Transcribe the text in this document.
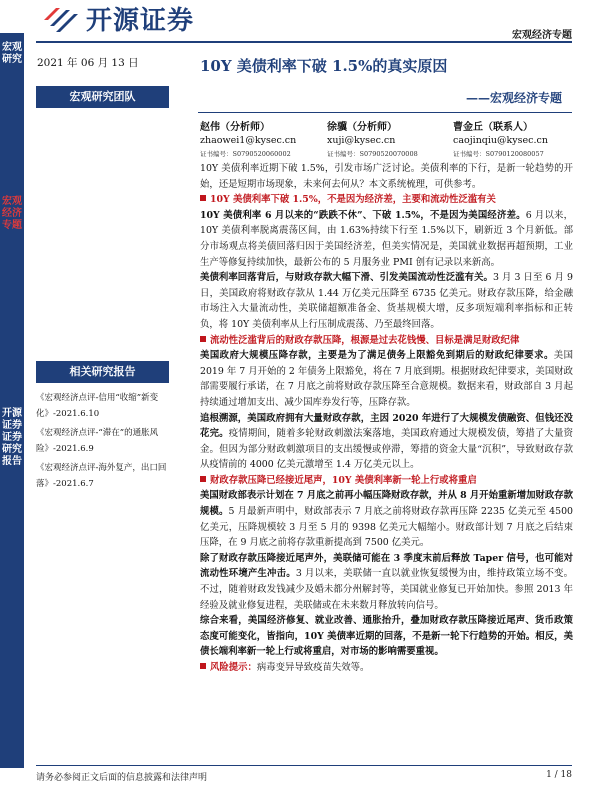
开源证券	宏观经济专题
宏观研究
宏观经济专题
开源证券 证券研究报告
2021 年 06 月 13 日
宏观研究团队
相关研究报告
《宏观经济点评-信用“收缩”新变化》-2021.6.10
《宏观经济点评-“滞在”的通胀风险》-2021.6.9
《宏观经济点评-海外复产，出口回落》-2021.6.7
10Y 美债利率下破 1.5%的真实原因
——宏观经济专题
赵伟（分析师）
zhaowei1@kysec.cn
证书编号：S0790520060002
徐骥（分析师）
xuji@kysec.cn
证书编号：S0790520070008
曹金丘（联系人）
caojinqiu@kysec.cn
证书编号：S0790120080057

10Y 美债利率近期下破 1.5%，引发市场广泛讨论。美债利率的下行，是新一轮趋势的开始，还是短期市场现象，未来何去何从？本文系统梳理，可供参考。

10Y 美债利率下破 1.5%，不是因为经济差，主要和流动性泛滥有关

10Y 美债利率 6 月以来的“跌跌不休”、下破 1.5%，不是因为美国经济差。6 月以来，10Y 美债利率脱离震荡区间，由 1.63%持续下行至 1.5%以下，刷新近 3 个月新低。部分市场观点将美债回落归因于美国经济差，但美实情况是，美国就业数据再超预期，工业生产等修复持续加快，最新公布的 5 月服务业 PMI 创有记录以来新高。

美债利率回落背后，与财政存款大幅下滑、引发美国流动性泛滥有关。3 月 3 日至 6 月 9 日，美国政府将财政存款从 1.44 万亿美元压降至 6735 亿美元。财政存款压降，给金融市场注入大量流动性，美联储超额准备金、货基规模大增，反多项短端利率指标和正转负，将 10Y 美债利率从上行压制成震荡、乃至最终回落。

流动性泛滥背后的财政存款压降，根源是过去花钱慢、目标是满足财政纪律

美国政府大规模压降存款，主要是为了满足债务上限豁免到期后的财政纪律要求。美国 2019 年 7 月开始的 2 年债务上限豁免，将在 7 月底到期。根据财政纪律要求，美国财政部需要履行承诺，在 7 月底之前将财政存款压降至合意规模。数据来看，财政部自 3 月起持续通过增加支出、减少国库券发行等，压降存款。

追根溯源，美国政府拥有大量财政存款，主因 2020 年进行了大规模发债融资、但钱还没花完。疫情期间，随着多轮财政刺激法案落地，美国政府通过大规模发债，筹措了大量资金。但因为部分财政刺激项目的支出缓慢或停滞，筹措的资金大量“沉积”，导致财政存款从疫情前的 4000 亿美元激增至 1.4 万亿美元以上。

财政存款压降已经接近尾声，10Y 美债利率新一轮上行或将重启

美国财政部表示计划在 7 月底之前再小幅压降财政存款，并从 8 月开始重新增加财政存款规模。5 月最新声明中，财政部表示 7 月底之前将财政存款再压降 2235 亿美元至 4500 亿美元，压降规模较 3 月至 5 月的 9398 亿美元大幅缩小。财政部计划 7 月底之后结束压降，在 9 月底之前将存款重新提高到 7500 亿美元。

除了财政存款压降接近尾声外，美联储可能在 3 季度末前后释放 Taper 信号，也可能对流动性环境产生冲击。3 月以来，美联储一直以就业恢复缓慢为由，维持政策立场不变。不过，随着财政发钱减少及婚未都分州解封等，美国就业修复已开始加快。参照 2013 年经验及就业修复进程，美联储或在未来数月释放转向信号。

综合来看，美国经济修复、就业改善、通胀抬升，叠加财政存款压降接近尾声、货币政策态度可能变化，皆指向，10Y 美债率近期的回落，不是新一轮下行趋势的开始。相反，美债长端利率新一轮上行或将重启，对市场的影响需要重视。

风险提示：病毒变异导致疫苗失效等。

请务必参阅正文后面的信息披露和法律声明	1 / 18
